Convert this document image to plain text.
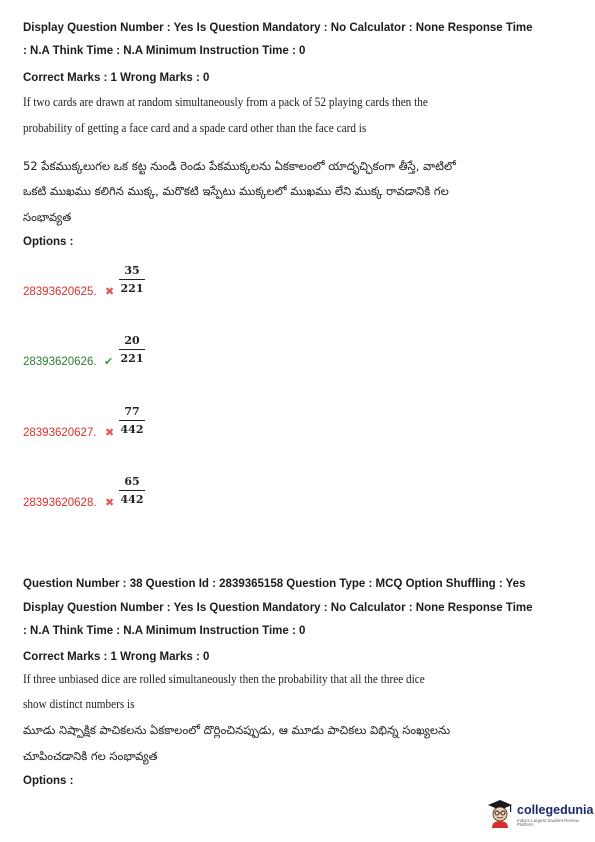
Display Question Number : Yes Is Question Mandatory : No Calculator : None Response Time
: N.A Think Time : N.A Minimum Instruction Time : 0
Correct Marks : 1 Wrong Marks : 0
If two cards are drawn at random simultaneously from a pack of 52 playing cards then the
probability of getting a face card and a spade card other than the face card is
52 పేకముక్కలుగల ఒక కట్ట నుండి రెండు పేకముక్కలను ఏకకాలంలో యాదృచ్ఛికంగా తీస్తే, వాటిలో
ఒకటి ముఖము కలిగిన ముక్క, మరొకటి ఇస్పేటు ముక్కలలో ముఖము లేని ముక్క రావడానికి గల
సంభావ్యత
Options :
28393620625. ✖
35
221
28393620626. ✔
20
221
28393620627. ✖
77
442
28393620628. ✖
65
442
Question Number : 38 Question Id : 2839365158 Question Type : MCQ Option Shuffling : Yes
Display Question Number : Yes Is Question Mandatory : No Calculator : None Response Time
: N.A Think Time : N.A Minimum Instruction Time : 0
Correct Marks : 1 Wrong Marks : 0
If three unbiased dice are rolled simultaneously then the probability that all the three dice
show distinct numbers is
మూడు నిష్పాక్షిక పాచికలను ఏకకాలంలో దొర్లించినప్పుడు, ఆ మూడు పాచికలు విభిన్న సంఖ్యలను
చూపించడానికి గల సంభావ్యత
Options :
collegedunia
India's Largest Student Review Platform
